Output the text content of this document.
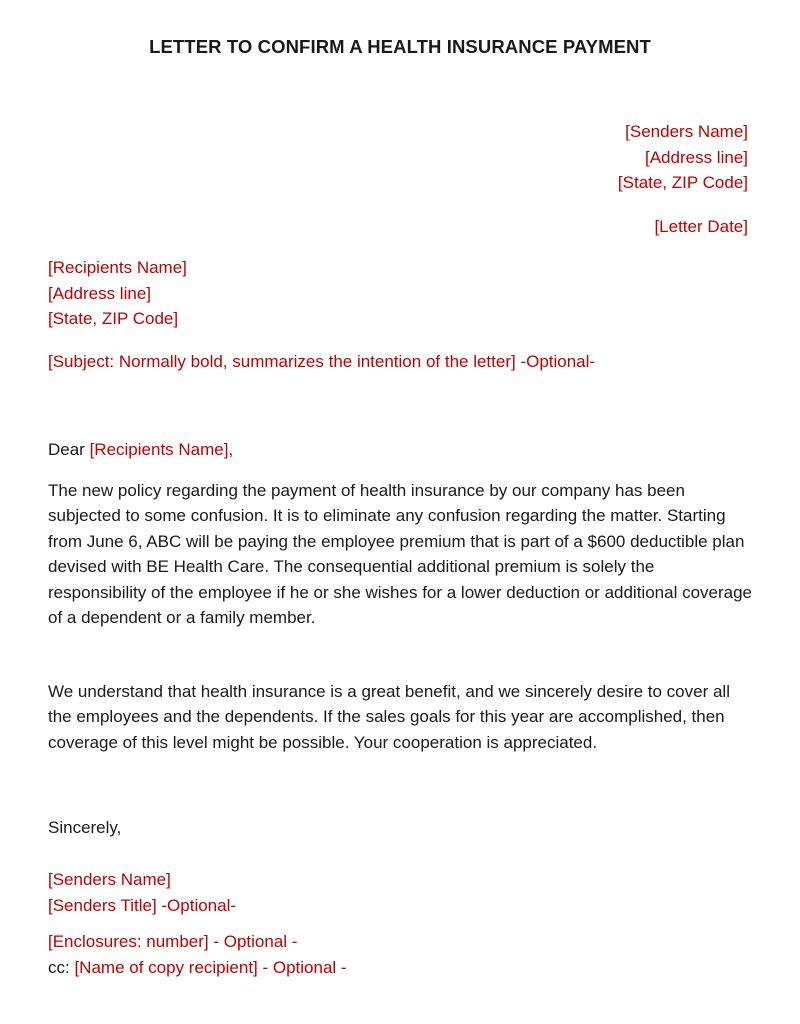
LETTER TO CONFIRM A HEALTH INSURANCE PAYMENT
[Senders Name]
[Address line]
[State, ZIP Code]
[Letter Date]
[Recipients Name]
[Address line]
[State, ZIP Code]
[Subject: Normally bold, summarizes the intention of the letter] -Optional-
Dear [Recipients Name],

The new policy regarding the payment of health insurance by our company has been subjected to some confusion. It is to eliminate any confusion regarding the matter. Starting from June 6, ABC will be paying the employee premium that is part of a $600 deductible plan devised with BE Health Care. The consequential additional premium is solely the responsibility of the employee if he or she wishes for a lower deduction or additional coverage of a dependent or a family member.

We understand that health insurance is a great benefit, and we sincerely desire to cover all the employees and the dependents. If the sales goals for this year are accomplished, then coverage of this level might be possible. Your cooperation is appreciated.

Sincerely,
[Senders Name]
[Senders Title] -Optional-
[Enclosures: number] - Optional -
cc: [Name of copy recipient] - Optional -
